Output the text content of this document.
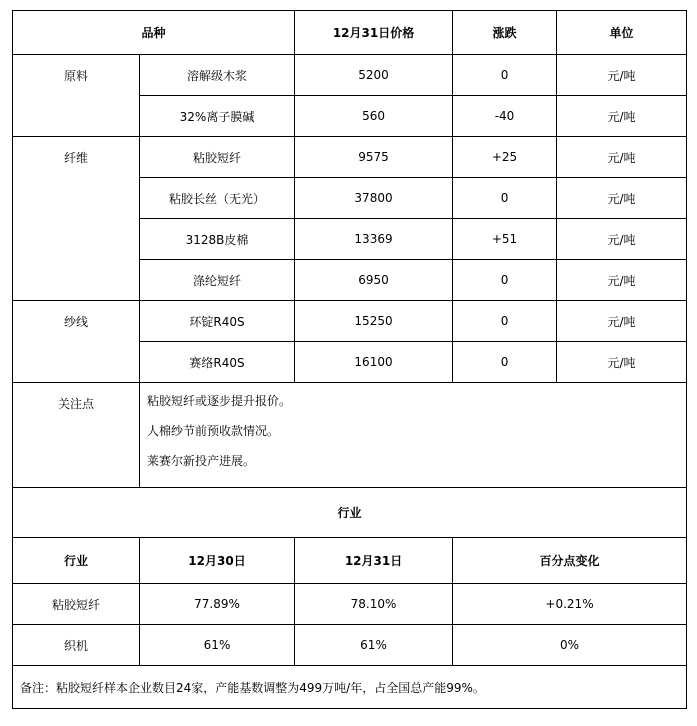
品种		12月31日价格	涨跌	单位
原料	溶解级木浆	5200	0	元/吨
	32%离子膜碱	560	-40	元/吨
纤维	粘胶短纤	9575	+25	元/吨
	粘胶长丝（无光）	37800	0	元/吨
	3128B皮棉	13369	+51	元/吨
	涤纶短纤	6950	0	元/吨
纱线	环锭R40S	15250	0	元/吨
	赛络R40S	16100	0	元/吨
关注点	粘胶短纤或逐步提升报价。

人棉纱节前预收款情况。

莱赛尔新投产进展。			

行业				
行业	12月30日	12月31日	百分点变化	
粘胶短纤	77.89%	78.10%	+0.21%	
织机	61%	61%	0%	
备注：粘胶短纤样本企业数目24家，产能基数调整为499万吨/年，占全国总产能99%。				
